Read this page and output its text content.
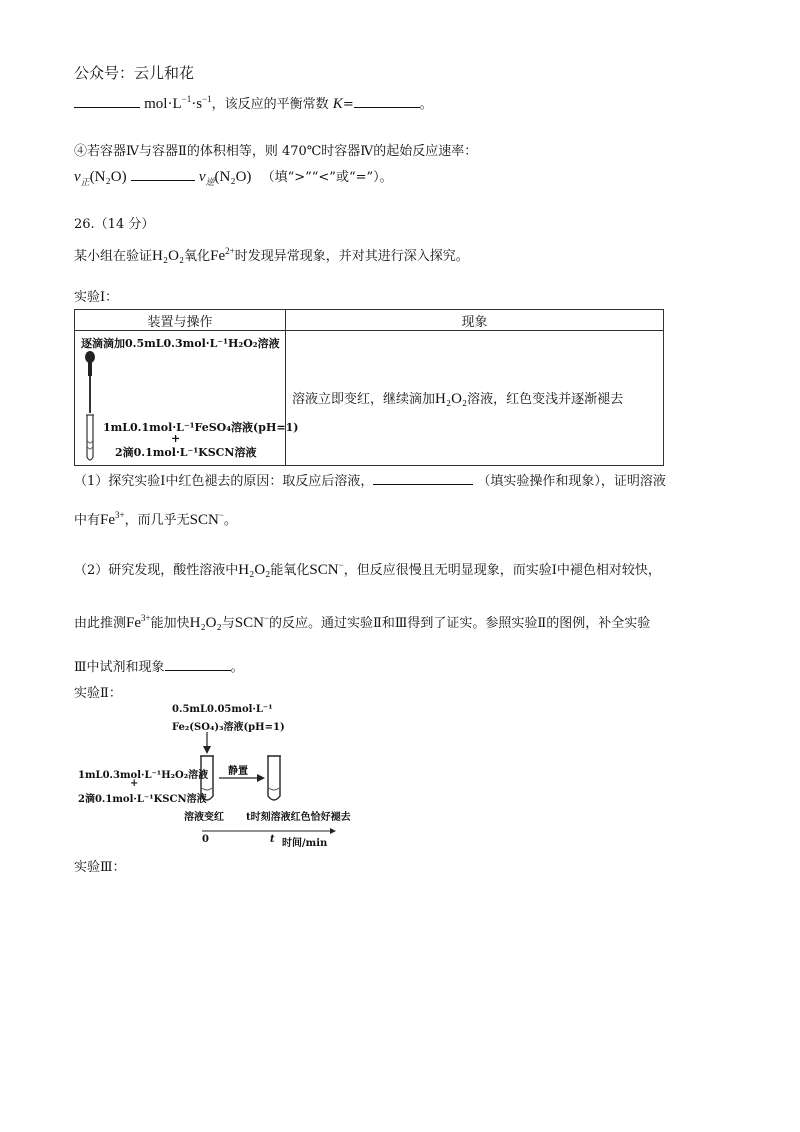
公众号：云儿和花
$mol\cdot L^{-1}\cdot s^{-1}$，该反应的平衡常数 K=	。
④若容器Ⅳ与容器Ⅱ的体积相等，则 470℃时容器Ⅳ的起始反应速率：
$v_正(N_2O)$	$v_逆(N_2O)$ （填“>”“<”或“=”）。
26.（14 分）
某小组在验证H₂O₂氧化$Fe^{2+}$时发现异常现象，并对其进行深入探究。
实验Ⅰ：
装置与操作	现象

逐滴滴加0.5mL0.3mol·L⁻¹H₂O₂溶液
1mL0.1mol·L⁻¹FeSO₄溶液(pH=1)
+
2滴0.1mol·L⁻¹KSCN溶液	溶液立即变红，继续滴加H₂O₂溶液，红色变浅并逐渐褪去
（1）探究实验Ⅰ中红色褪去的原因：取反应后溶液，	（填实验操作和现象），证明溶液
中有$Fe^{3+}$，而几乎无SCN−。
（2）研究发现，酸性溶液中H₂O₂能氧化SCN−，但反应很慢且无明显现象，而实验Ⅰ中褪色相对较快，
由此推测$Fe^{3+}$能加快H₂O₂与SCN−的反应。通过实验Ⅱ和Ⅲ得到了证实。参照实验Ⅱ的图例，补全实验
Ⅲ中试剂和现象	。
实验Ⅱ：
0.5mL0.05mol·L⁻¹
Fe₂(SO₄)₃溶液(pH=1)
1mL0.3mol·L⁻¹H₂O₂溶液
+
2滴0.1mol·L⁻¹KSCN溶液
静置
溶液变红 t时刻溶液红色恰好褪去
0	t 时间/min
实验Ⅲ：
